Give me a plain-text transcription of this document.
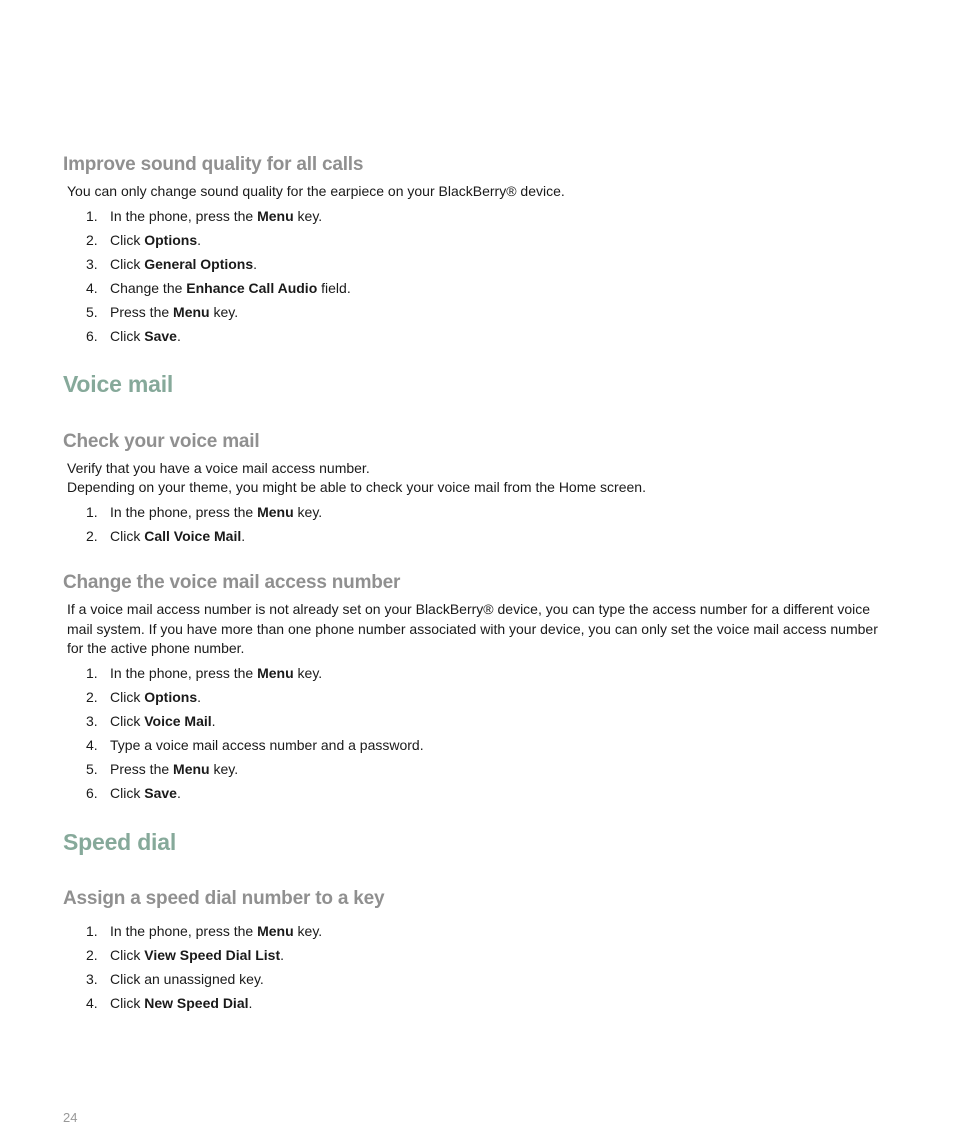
Improve sound quality for all calls

You can only change sound quality for the earpiece on your BlackBerry® device.

1. In the phone, press the Menu key.
2. Click Options.
3. Click General Options.
4. Change the Enhance Call Audio field.
5. Press the Menu key.
6. Click Save.
Voice mail
Check your voice mail

Verify that you have a voice mail access number.

Depending on your theme, you might be able to check your voice mail from the Home screen.

1. In the phone, press the Menu key.
2. Click Call Voice Mail.
Change the voice mail access number

If a voice mail access number is not already set on your BlackBerry® device, you can type the access number for a different voice mail system. If you have more than one phone number associated with your device, you can only set the voice mail access number for the active phone number.

1. In the phone, press the Menu key.
2. Click Options.
3. Click Voice Mail.
4. Type a voice mail access number and a password.
5. Press the Menu key.
6. Click Save.
Speed dial
Assign a speed dial number to a key
1. In the phone, press the Menu key.
2. Click View Speed Dial List.
3. Click an unassigned key.
4. Click New Speed Dial.

24
